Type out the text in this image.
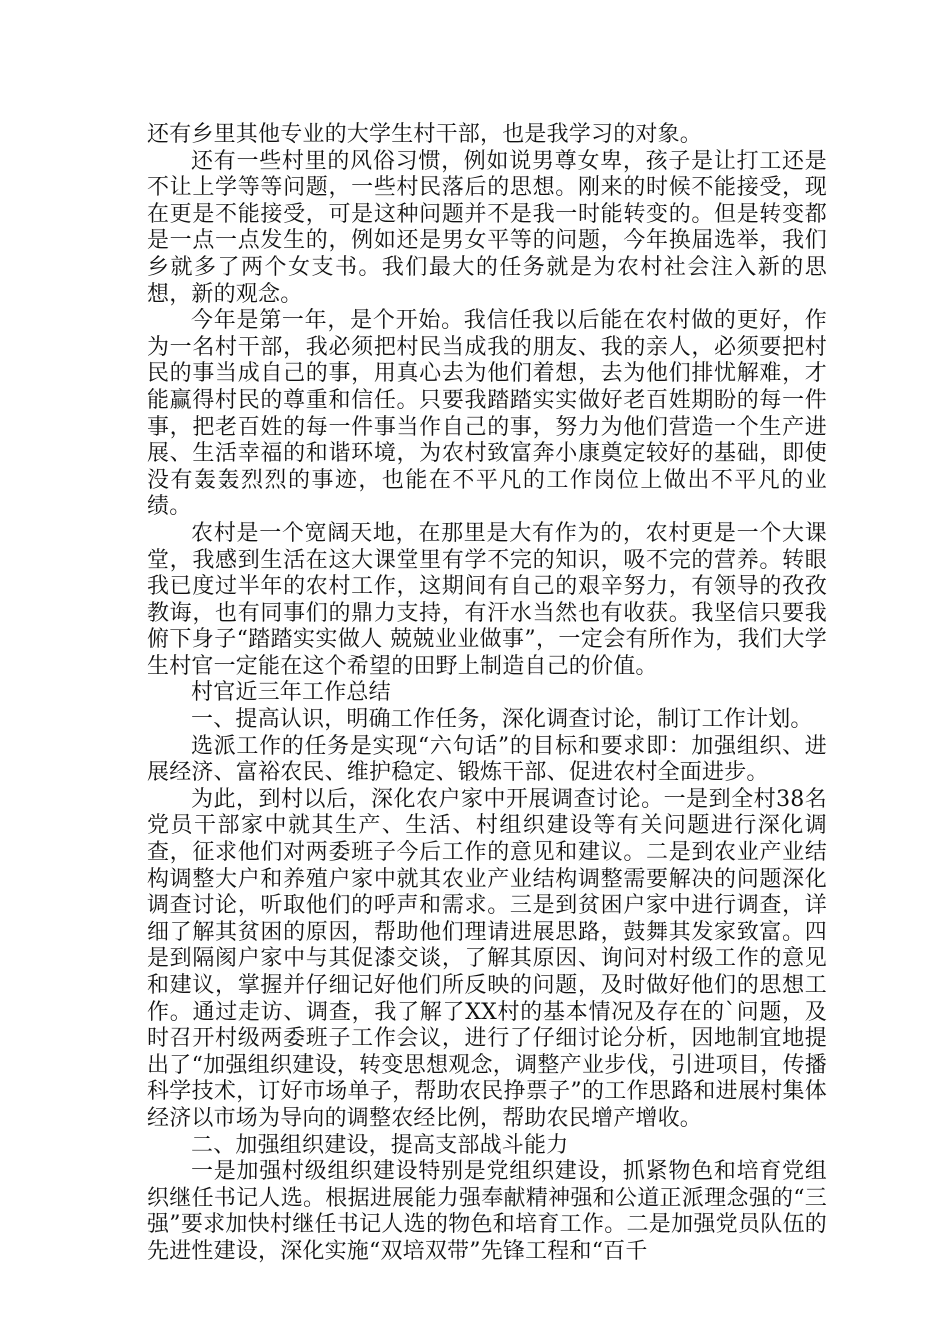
还有乡里其他专业的大学生村干部，也是我学习的对象。

还有一些村里的风俗习惯，例如说男尊女卑，孩子是让打工还是不让上学等等问题，一些村民落后的思想。刚来的时候不能接受，现在更是不能接受，可是这种问题并不是我一时能转变的。但是转变都是一点一点发生的，例如还是男女平等的问题，今年换届选举，我们乡就多了两个女支书。我们最大的任务就是为农村社会注入新的思想，新的观念。

今年是第一年，是个开始。我信任我以后能在农村做的更好，作为一名村干部，我必须把村民当成我的朋友、我的亲人，必须要把村民的事当成自己的事，用真心去为他们着想，去为他们排忧解难，才能赢得村民的尊重和信任。只要我踏踏实实做好老百姓期盼的每一件事，把老百姓的每一件事当作自己的事，努力为他们营造一个生产进展、生活幸福的和谐环境，为农村致富奔小康奠定较好的基础，即使没有轰轰烈烈的事迹，也能在不平凡的工作岗位上做出不平凡的业绩。

农村是一个宽阔天地，在那里是大有作为的，农村更是一个大课堂，我感到生活在这大课堂里有学不完的知识，吸不完的营养。转眼我已度过半年的农村工作，这期间有自己的艰辛努力，有领导的孜孜教诲，也有同事们的鼎力支持，有汗水当然也有收获。我坚信只要我俯下身子“踏踏实实做人 兢兢业业做事”，一定会有所作为，我们大学生村官一定能在这个希望的田野上制造自己的价值。

村官近三年工作总结

一、提高认识，明确工作任务，深化调查讨论，制订工作计划。

选派工作的任务是实现“六句话”的目标和要求即：加强组织、进展经济、富裕农民、维护稳定、锻炼干部、促进农村全面进步。

为此，到村以后，深化农户家中开展调查讨论。一是到全村38名党员干部家中就其生产、生活、村组织建设等有关问题进行深化调查，征求他们对两委班子今后工作的意见和建议。二是到农业产业结构调整大户和养殖户家中就其农业产业结构调整需要解决的问题深化调查讨论，听取他们的呼声和需求。三是到贫困户家中进行调查，详细了解其贫困的原因，帮助他们理请进展思路，鼓舞其发家致富。四是到隔阂户家中与其促漆交谈，了解其原因、询问对村级工作的意见和建议，掌握并仔细记好他们所反映的问题，及时做好他们的思想工作。通过走访、调查，我了解了XX村的基本情况及存在的`问题，及时召开村级两委班子工作会议，进行了仔细讨论分析，因地制宜地提出了“加强组织建设，转变思想观念，调整产业步伐，引进项目，传播科学技术，订好市场单子，帮助农民挣票子”的工作思路和进展村集体经济以市场为导向的调整农经比例，帮助农民增产增收。

二、加强组织建设，提高支部战斗能力

一是加强村级组织建设特别是党组织建设，抓紧物色和培育党组织继任书记人选。根据进展能力强奉献精神强和公道正派理念强的“三强”要求加快村继任书记人选的物色和培育工作。二是加强党员队伍的先进性建设，深化实施“双培双带”先锋工程和“百千
